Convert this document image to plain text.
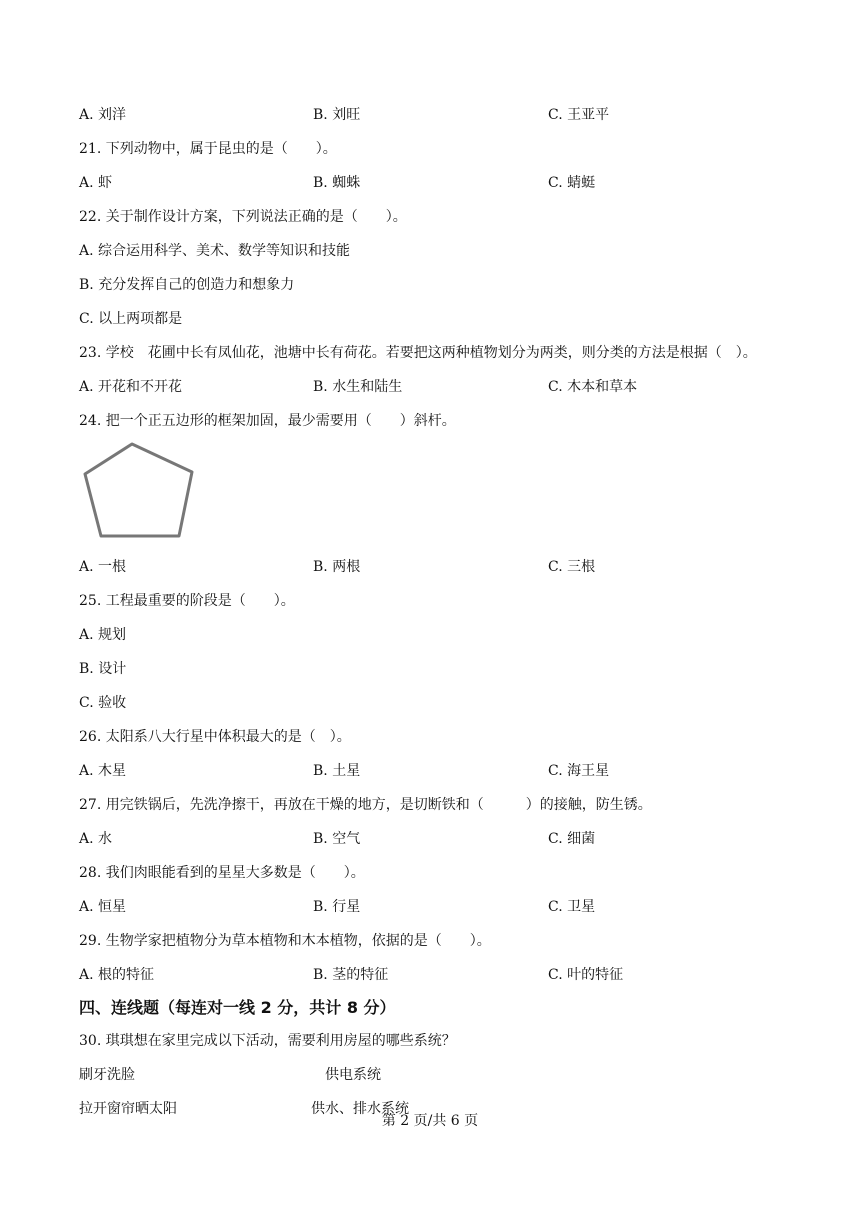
A. 刘洋	B. 刘旺	C. 王亚平
21. 下列动物中，属于昆虫的是（　　）。
A. 虾	B. 蜘蛛	C. 蜻蜓
22. 关于制作设计方案，下列说法正确的是（　　）。
A. 综合运用科学、美术、数学等知识和技能
B. 充分发挥自己的创造力和想象力
C. 以上两项都是
23. 学校　花圃中长有凤仙花，池塘中长有荷花。若要把这两种植物划分为两类，则分类的方法是根据（　）。
A. 开花和不开花	B. 水生和陆生	C. 木本和草本
24. 把一个正五边形的框架加固，最少需要用（　　）斜杆。
A. 一根	B. 两根	C. 三根
25. 工程最重要的阶段是（　　）。
A. 规划
B. 设计
C. 验收
26. 太阳系八大行星中体积最大的是（　）。
A. 木星	B. 土星	C. 海王星
27. 用完铁锅后，先洗净擦干，再放在干燥的地方，是切断铁和（　　　）的接触，防生锈。
A. 水	B. 空气	C. 细菌
28. 我们肉眼能看到的星星大多数是（　　）。
A. 恒星	B. 行星	C. 卫星
29. 生物学家把植物分为草本植物和木本植物，依据的是（　　）。
A. 根的特征	B. 茎的特征	C. 叶的特征
四、连线题（每连对一线 2 分，共计 8 分）
30. 琪琪想在家里完成以下活动，需要利用房屋的哪些系统？
刷牙洗脸	供电系统
拉开窗帘晒太阳	供水、排水系统
第 2 页/共 6 页
